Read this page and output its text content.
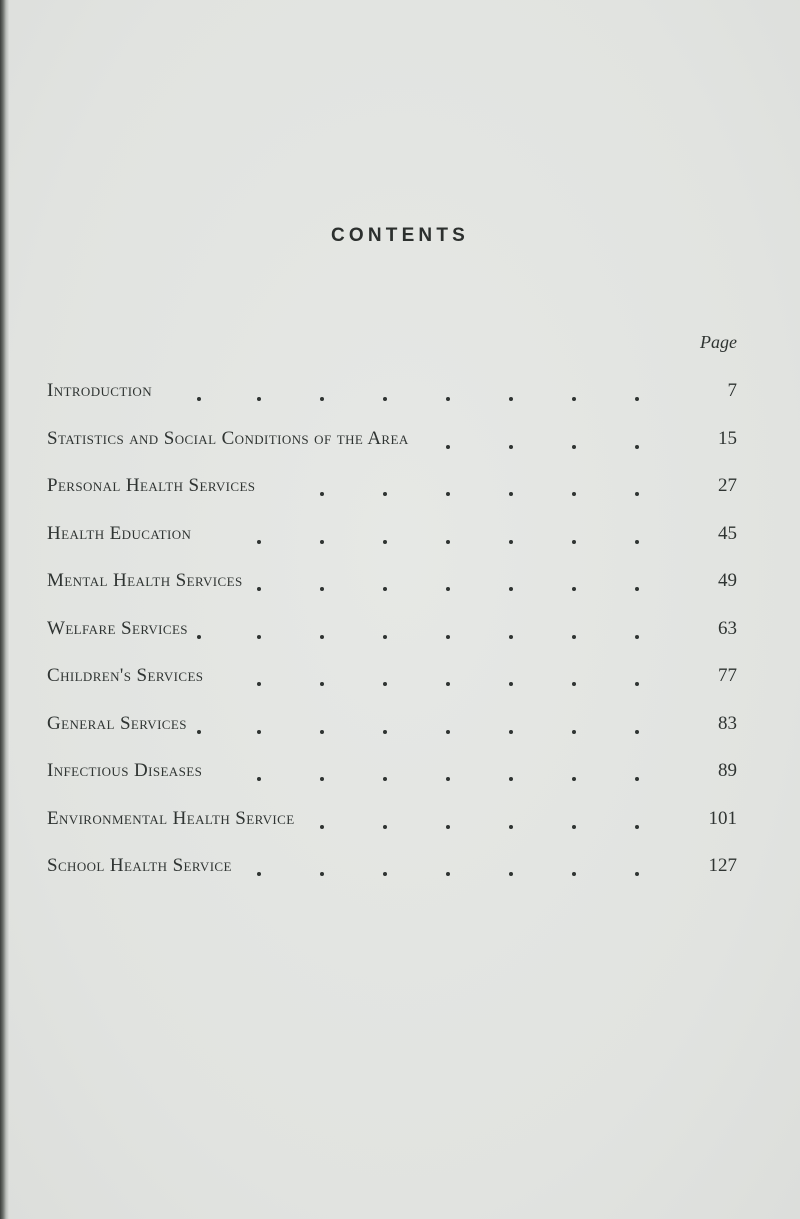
CONTENTS
Page
Introduction	7
Statistics and Social Conditions of the Area	15
Personal Health Services	27
Health Education	45
Mental Health Services	49
Welfare Services	63
Children's Services	77
General Services	83
Infectious Diseases	89
Environmental Health Service	101
School Health Service	127
